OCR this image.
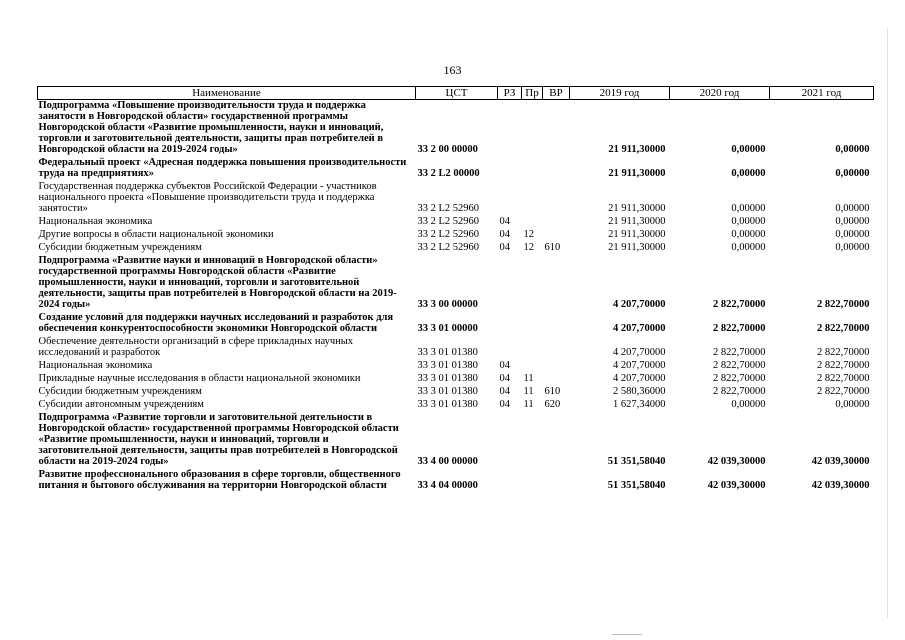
163
Наименование	ЦСТ	РЗ	Пр	ВР	2019 год	2020 год	2021 год
Подпрограмма «Повышение производительности труда и поддержка занятости в Новгородской области» государственной программы Новгородской области «Развитие промышленности, науки и инноваций, торговли и заготовительной деятельности, защиты прав потребителей в Новгородской области на 2019-2024 годы»	33 2 00 00000				21 911,30000	0,00000	0,00000
Федеральный проект «Адресная поддержка повышения производительности труда на предприятиях»	33 2 L2 00000				21 911,30000	0,00000	0,00000
Государственная поддержка субъектов Российской Федерации - участников национального проекта «Повышение производительсти труда и поддержка занятости»	33 2 L2 52960				21 911,30000	0,00000	0,00000
Национальная экономика	33 2 L2 52960	04			21 911,30000	0,00000	0,00000
Другие вопросы в области национальной экономики	33 2 L2 52960	04	12		21 911,30000	0,00000	0,00000
Субсидии бюджетным учреждениям	33 2 L2 52960	04	12	610	21 911,30000	0,00000	0,00000
Подпрограмма «Развитие науки и инноваций в Новгородской области» государственной программы Новгородской области «Развитие промышленности, науки и инноваций, торговли и заготовительной деятельности, защиты прав потребителей в Новгородской области на 2019-2024 годы»	33 3 00 00000				4 207,70000	2 822,70000	2 822,70000
Создание условий для поддержки научных исследований и разработок для обеспечения конкурентоспособности экономики Новгородской области	33 3 01 00000				4 207,70000	2 822,70000	2 822,70000
Обеспечение деятельности организаций в сфере прикладных научных исследований и разработок	33 3 01 01380				4 207,70000	2 822,70000	2 822,70000
Национальная экономика	33 3 01 01380	04			4 207,70000	2 822,70000	2 822,70000
Прикладные научные исследования в области национальной экономики	33 3 01 01380	04	11		4 207,70000	2 822,70000	2 822,70000
Субсидии бюджетным учреждениям	33 3 01 01380	04	11	610	2 580,36000	2 822,70000	2 822,70000
Субсидии автономным учреждениям	33 3 01 01380	04	11	620	1 627,34000	0,00000	0,00000
Подпрограмма «Развитие торговли и заготовительной деятельности в Новгородской области» государственной программы Новгородской области «Развитие промышленности, науки и инноваций, торговли и заготовительной деятельности, защиты прав потребителей в Новгородской области на 2019-2024 годы»	33 4 00 00000				51 351,58040	42 039,30000	42 039,30000
Развитие профессионального образования в сфере торговли, общественного питания и бытового обслуживания на территории Новгородской области	33 4 04 00000				51 351,58040	42 039,30000	42 039,30000
